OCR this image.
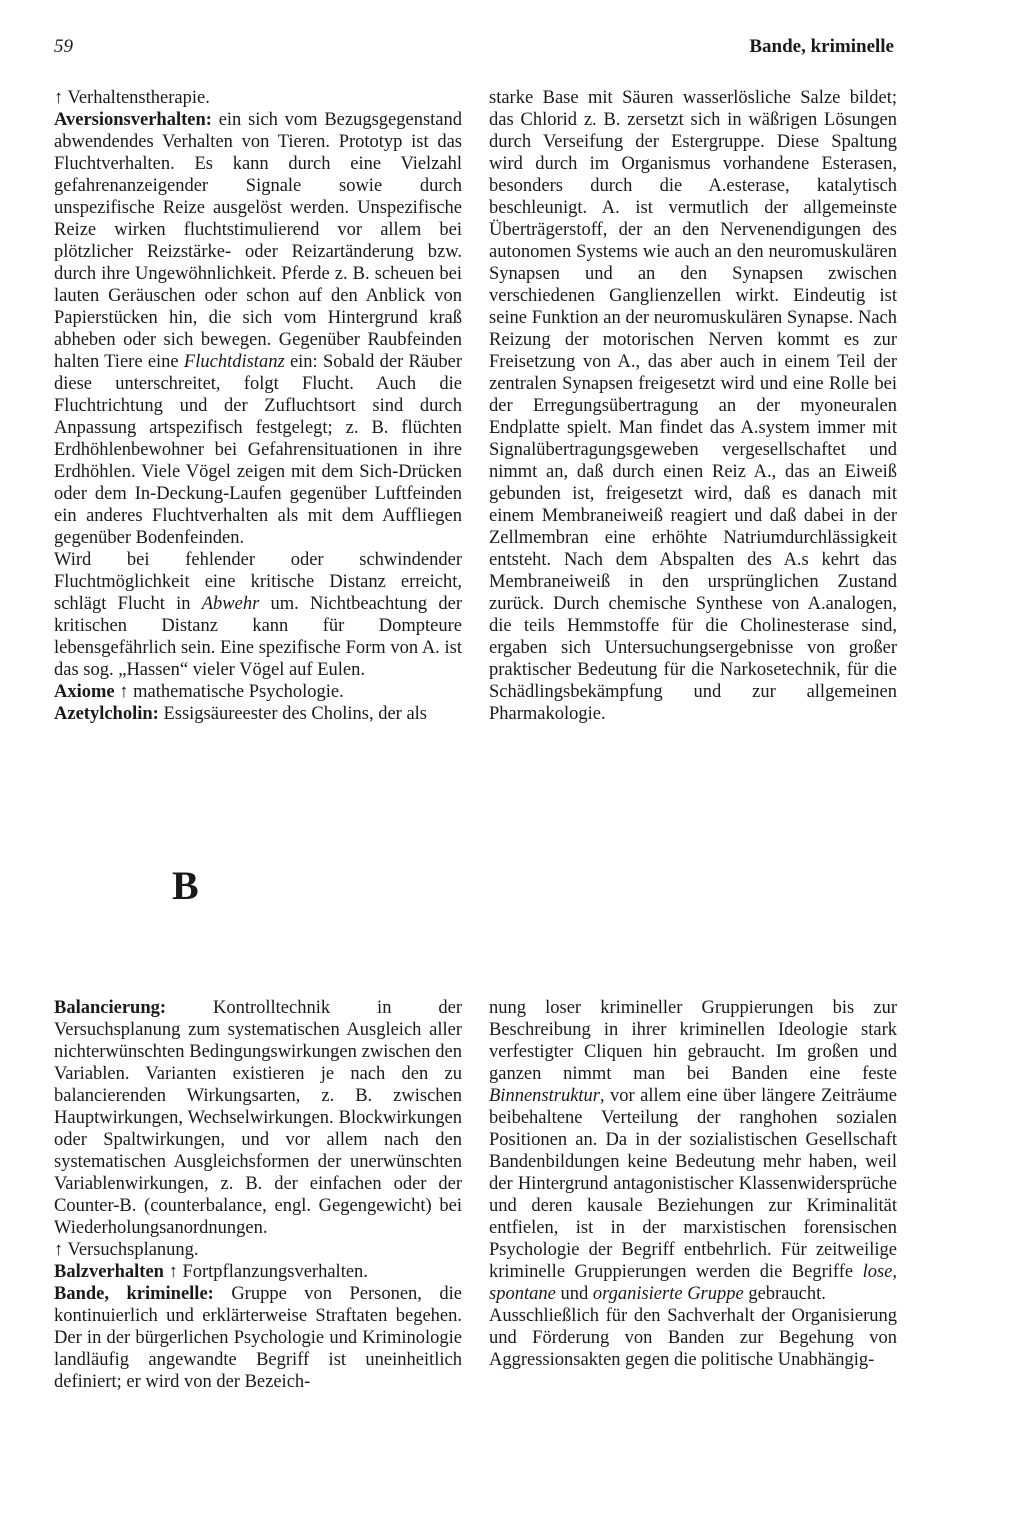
59	Bande, kriminelle

↑ Verhaltenstherapie.

Aversionsverhalten: ein sich vom Bezugsgegenstand abwendendes Verhalten von Tieren. Prototyp ist das Fluchtverhalten. Es kann durch eine Vielzahl gefahrenanzeigender Signale sowie durch unspezifische Reize ausgelöst werden. Unspezifische Reize wirken fluchtstimulierend vor allem bei plötzlicher Reizstärke- oder Reizartänderung bzw. durch ihre Ungewöhnlichkeit. Pferde z. B. scheuen bei lauten Geräuschen oder schon auf den Anblick von Papierstücken hin, die sich vom Hintergrund kraß abheben oder sich bewegen. Gegenüber Raubfeinden halten Tiere eine Fluchtdistanz ein: Sobald der Räuber diese unterschreitet, folgt Flucht. Auch die Fluchtrichtung und der Zufluchtsort sind durch Anpassung artspezifisch festgelegt; z. B. flüchten Erdhöhlenbewohner bei Gefahrensituationen in ihre Erdhöhlen. Viele Vögel zeigen mit dem Sich-Drücken oder dem In-Deckung-Laufen gegenüber Luftfeinden ein anderes Fluchtverhalten als mit dem Auffliegen gegenüber Bodenfeinden.

Wird bei fehlender oder schwindender Fluchtmöglichkeit eine kritische Distanz erreicht, schlägt Flucht in Abwehr um. Nichtbeachtung der kritischen Distanz kann für Dompteure lebensgefährlich sein. Eine spezifische Form von A. ist das sog. „Hassen“ vieler Vögel auf Eulen.

Axiome ↑ mathematische Psychologie.

Azetylcholin: Essigsäureester des Cholins, der als

starke Base mit Säuren wasserlösliche Salze bildet; das Chlorid z. B. zersetzt sich in wäßrigen Lösungen durch Verseifung der Estergruppe. Diese Spaltung wird durch im Organismus vorhandene Esterasen, besonders durch die A.esterase, katalytisch beschleunigt. A. ist vermutlich der allgemeinste Überträgerstoff, der an den Nervenendigungen des autonomen Systems wie auch an den neuromuskulären Synapsen und an den Synapsen zwischen verschiedenen Ganglienzellen wirkt. Eindeutig ist seine Funktion an der neuromuskulären Synapse. Nach Reizung der motorischen Nerven kommt es zur Freisetzung von A., das aber auch in einem Teil der zentralen Synapsen freigesetzt wird und eine Rolle bei der Erregungsübertragung an der myoneuralen Endplatte spielt. Man findet das A.system immer mit Signalübertragungsgeweben vergesellschaftet und nimmt an, daß durch einen Reiz A., das an Eiweiß gebunden ist, freigesetzt wird, daß es danach mit einem Membraneiweiß reagiert und daß dabei in der Zellmembran eine erhöhte Natriumdurchlässigkeit entsteht. Nach dem Abspalten des A.s kehrt das Membraneiweiß in den ursprünglichen Zustand zurück. Durch chemische Synthese von A.analogen, die teils Hemmstoffe für die Cholinesterase sind, ergaben sich Untersuchungsergebnisse von großer praktischer Bedeutung für die Narkosetechnik, für die Schädlingsbekämpfung und zur allgemeinen Pharmakologie.

B

Balancierung:	Kontrolltechnik in der Versuchsplanung zum systematischen Ausgleich aller nichterwünschten Bedingungswirkungen zwischen den Variablen. Varianten existieren je nach den zu balancierenden Wirkungsarten, z. B. zwischen Hauptwirkungen, Wechselwirkungen. Blockwirkungen oder Spaltwirkungen, und vor allem nach den systematischen Ausgleichsformen der unerwünschten Variablenwirkungen, z. B. der einfachen oder der Counter-B. (counterbalance, engl. Gegengewicht) bei Wiederholungsanordnungen.

↑ Versuchsplanung.

Balzverhalten ↑ Fortpflanzungsverhalten.

Bande, kriminelle: Gruppe von Personen, die kontinuierlich und erklärterweise Straftaten begehen. Der in der bürgerlichen Psychologie und Kriminologie landläufig angewandte Begriff ist uneinheitlich definiert; er wird von der Bezeich-

nung loser krimineller Gruppierungen bis zur Beschreibung in ihrer kriminellen Ideologie stark verfestigter Cliquen hin gebraucht. Im großen und ganzen nimmt man bei Banden eine feste Binnenstruktur, vor allem eine über längere Zeiträume beibehaltene Verteilung der ranghohen sozialen Positionen an. Da in der sozialistischen Gesellschaft Bandenbildungen keine Bedeutung mehr haben, weil der Hintergrund antagonistischer Klassenwidersprüche und deren kausale Beziehungen zur Kriminalität entfielen, ist in der marxistischen forensischen Psychologie der Begriff entbehrlich. Für zeitweilige kriminelle Gruppierungen werden die Begriffe lose, spontane und organisierte Gruppe gebraucht.

Ausschließlich für den Sachverhalt der Organisierung und Förderung von Banden zur Begehung von Aggressionsakten gegen die politische Unabhängig-
